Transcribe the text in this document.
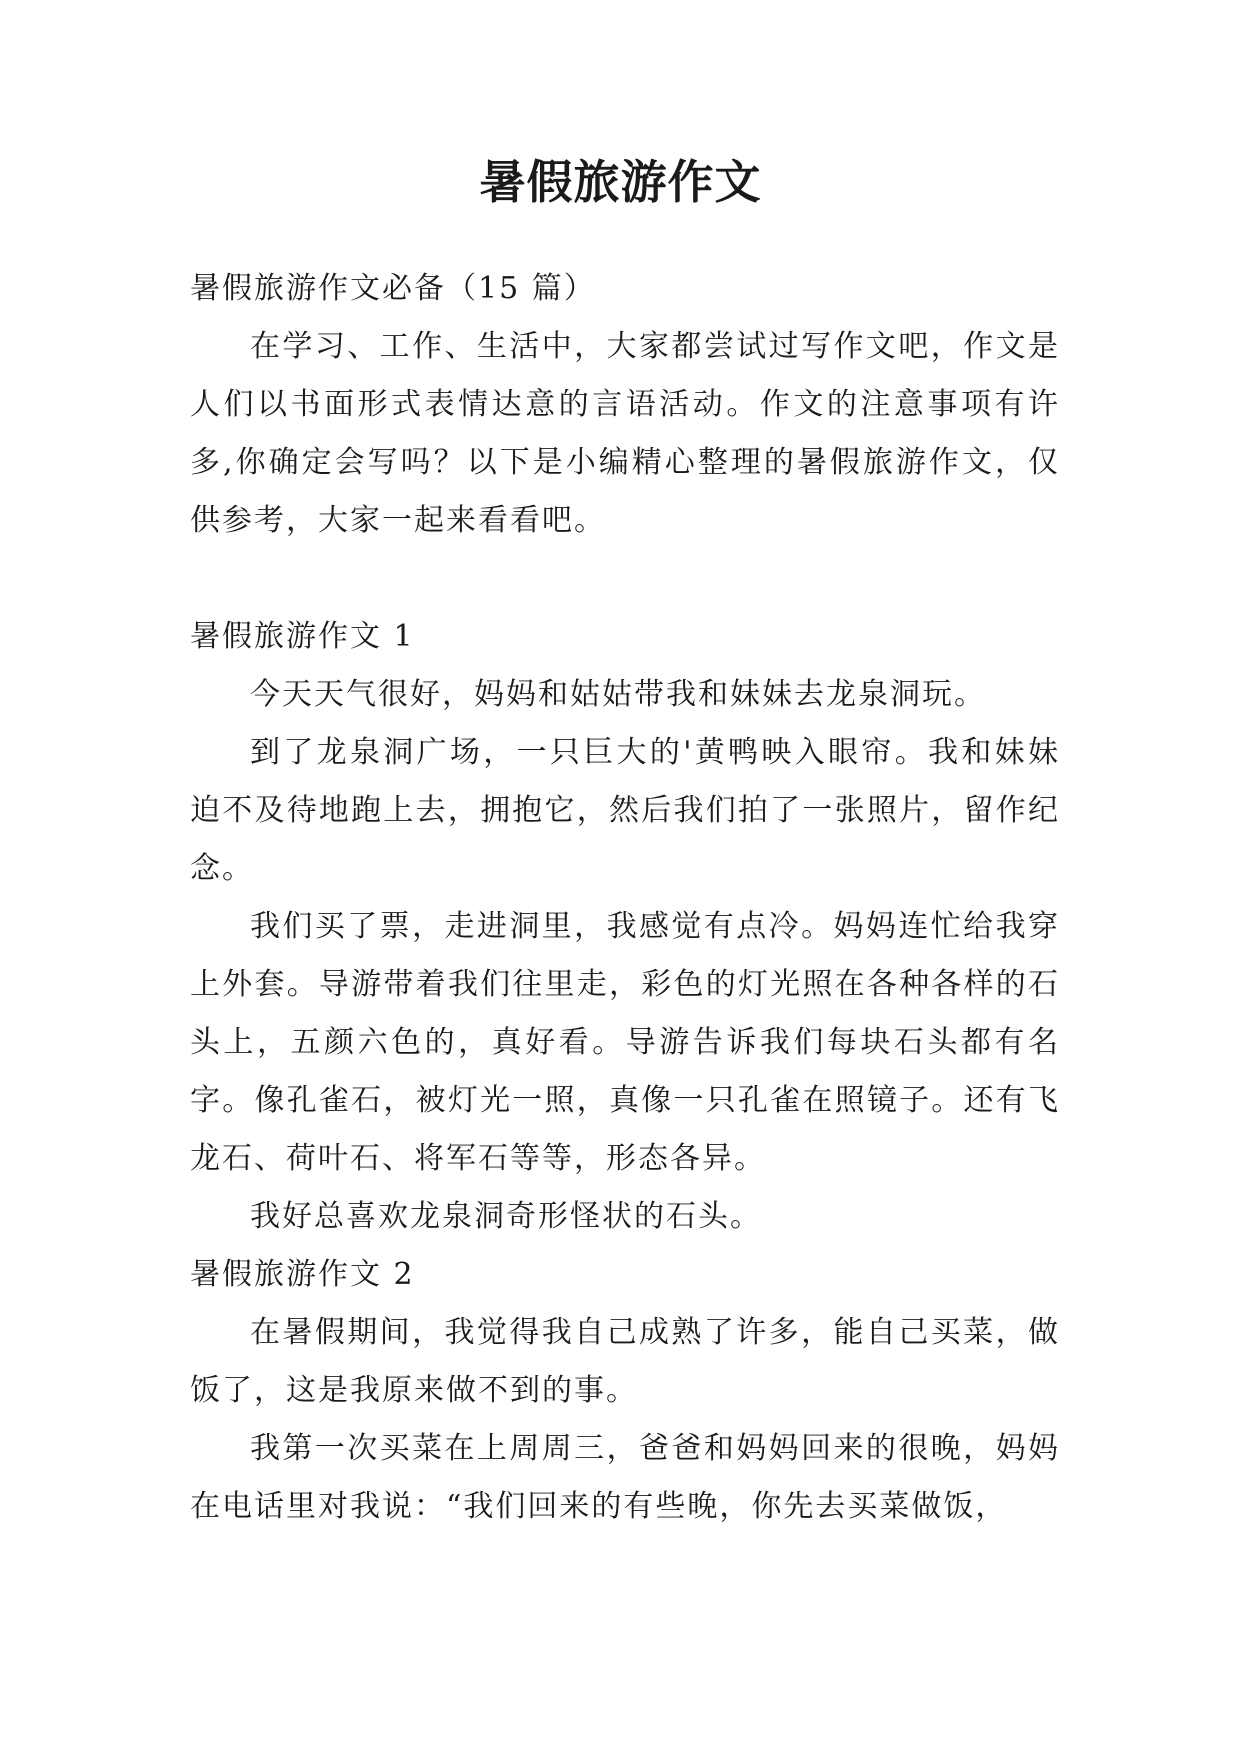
暑假旅游作文

暑假旅游作文必备（15 篇）

在学习、工作、生活中，大家都尝试过写作文吧，作文是人们以书面形式表情达意的言语活动。作文的注意事项有许多,你确定会写吗？以下是小编精心整理的暑假旅游作文，仅供参考，大家一起来看看吧。

暑假旅游作文 1

今天天气很好，妈妈和姑姑带我和妹妹去龙泉洞玩。

到了龙泉洞广场，一只巨大的'黄鸭映入眼帘。我和妹妹迫不及待地跑上去，拥抱它，然后我们拍了一张照片，留作纪念。

我们买了票，走进洞里，我感觉有点冷。妈妈连忙给我穿上外套。导游带着我们往里走，彩色的灯光照在各种各样的石头上，五颜六色的，真好看。导游告诉我们每块石头都有名字。像孔雀石，被灯光一照，真像一只孔雀在照镜子。还有飞龙石、荷叶石、将军石等等，形态各异。

我好总喜欢龙泉洞奇形怪状的石头。

暑假旅游作文 2

在暑假期间，我觉得我自己成熟了许多，能自己买菜，做饭了，这是我原来做不到的事。

我第一次买菜在上周周三，爸爸和妈妈回来的很晚，妈妈在电话里对我说：“我们回来的有些晚，你先去买菜做饭，
